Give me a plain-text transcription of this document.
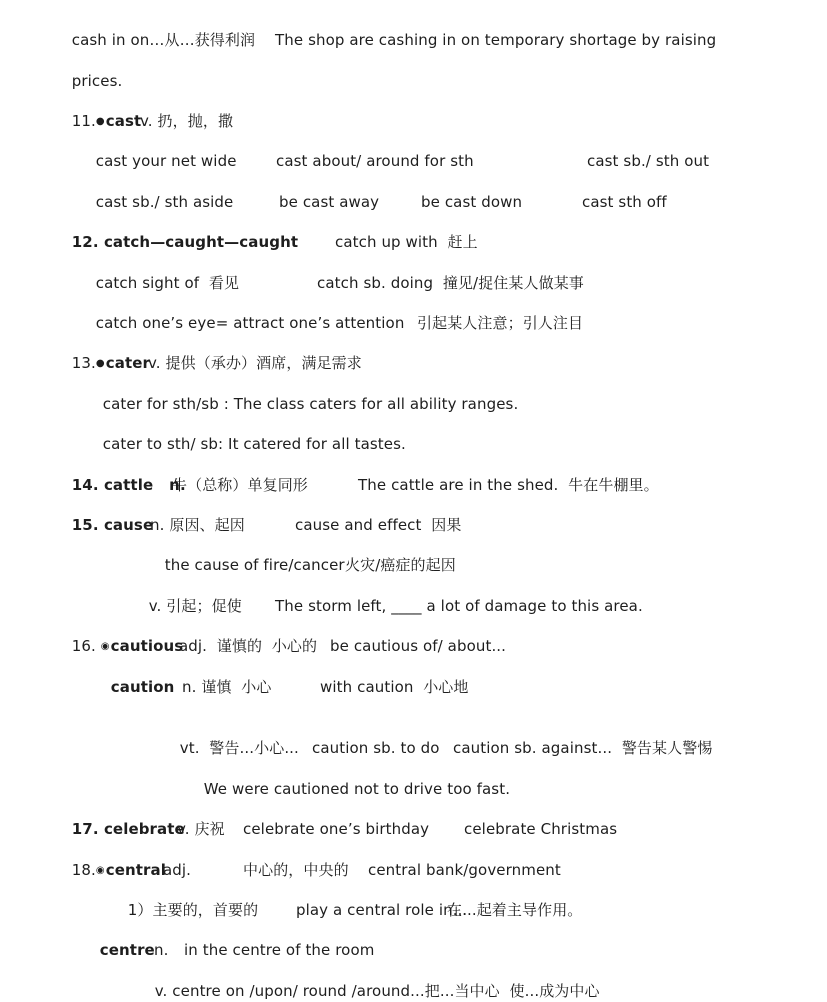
cash in on…从…获得利润 The shop are cashing in on temporary shortage by raising

prices.

11.●cast
v. 扔，抛，撒

cast your net wide	cast about/ around for sth	cast sb./ sth out

cast sb./ sth aside	be cast away	be cast down	cast sth off

12. catch—caught—caught catch up with  赶上

catch sight of  看见	catch sb. doing  撞见/捉住某人做某事

catch one’s eye= attract one’s attention 引起某人注意；引人注目

13.●cater
v. 提供（承办）酒席，满足需求

cater for sth/sb : The class caters for all ability ranges.

cater to sth/ sb: It catered for all tastes.

14. cattle   n.
牛（总称）单复同形	The cattle are in the shed.  牛在牛棚里。

15. cause
n. 原因、起因	cause and effect  因果

the cause of fire/cancer 火灾/癌症的起因

v. 引起；促使 The storm left, ____ a lot of damage to this area.

16. ◉cautious
adj.  谨慎的  小心的 be cautious of/ about...

caution n. 谨慎  小心	with caution  小心地

vt.  警告...小心... caution sb. to do caution sb. against...  警告某人警惕

We were cautioned not to drive too fast.

17. celebrate
v. 庆祝 celebrate one’s birthday celebrate Christmas

18.◉central
adj.	中心的，中央的 central bank/government

1）主要的，首要的	play a central role in...
在...起着主导作用。

centre n. in the centre of the room

v. centre on /upon/ round /around...把...当中心  使...成为中心
